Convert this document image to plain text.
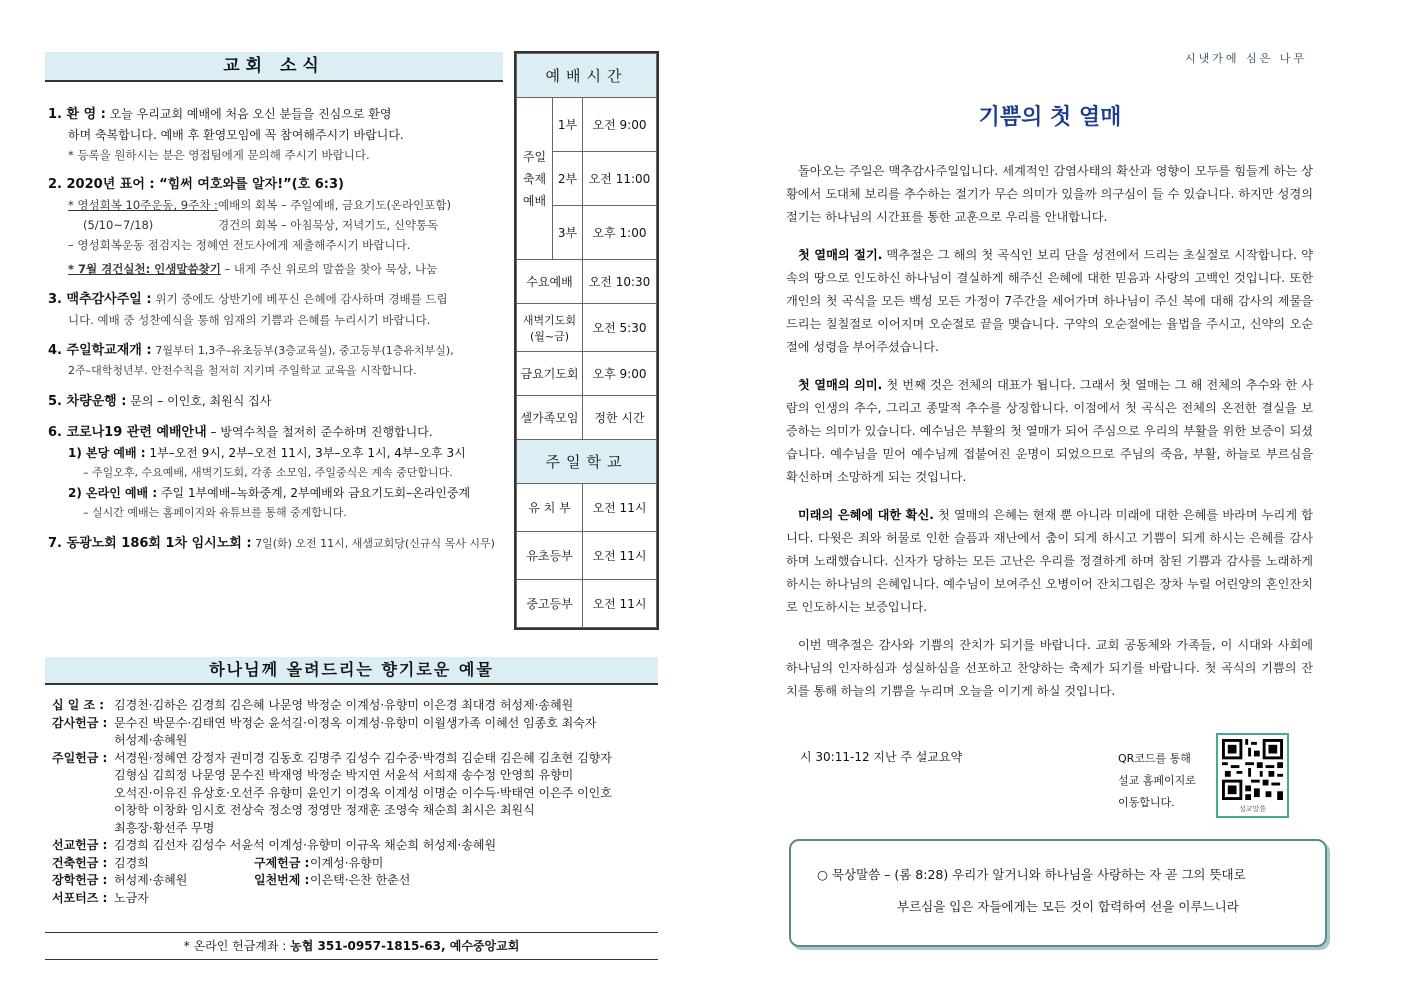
교회 소식
1. 환 영 : 오늘 우리교회 예배에 처음 오신 분들을 진심으로 환영
하며 축복합니다. 예배 후 환영모임에 꼭 참여해주시기 바랍니다.
* 등록을 원하시는 분은 영접팀에게 문의해 주시기 바랍니다.
2. 2020년 표어 : “힘써 여호와를 알자!”(호 6:3)
* 영성회복 10주운동, 9주차 : 예배의 회복 – 주일예배, 금요기도(온라인포함)
(5/10~7/18)	경건의 회복 – 아침묵상, 저녁기도, 신약통독
– 영성회복운동 점검지는 정혜연 전도사에게 제출해주시기 바랍니다.
* 7월 경건실천: 인생말씀찾기 – 내게 주신 위로의 말씀을 찾아 묵상, 나눔
3. 맥추감사주일 : 위기 중에도 상반기에 베푸신 은혜에 감사하며 경배를 드립
니다. 예배 중 성찬예식을 통해 임재의 기쁨과 은혜를 누리시기 바랍니다.
4. 주일학교재개 : 7월부터 1,3주–유초등부(3층교육실), 중고등부(1층유치부실),
2주–대학청년부. 안전수칙을 철저히 지키며 주일학교 교육을 시작합니다.
5. 차량운행 : 문의 – 이인호, 최원식 집사
6. 코로나19 관련 예배안내 – 방역수칙을 철저히 준수하며 진행합니다.
1) 본당 예배 : 1부–오전 9시, 2부–오전 11시, 3부–오후 1시, 4부–오후 3시
– 주일오후, 수요예배, 새벽기도회, 각종 소모임, 주일중식은 계속 중단합니다.
2) 온라인 예배 : 주일 1부예배–녹화중계, 2부예배와 금요기도회–온라인중계
– 실시간 예배는 홈페이지와 유튜브를 통해 중계합니다.
7. 동광노회 186회 1차 임시노회 : 7일(화) 오전 11시, 새샘교회당(신규식 목사 시무)
예배시간		
주일 축제 예배	1부	오전 9:00
	2부	오전 11:00
	3부	오후 1:00
수요예배		오전 10:30
새벽기도회 (월~금)		오전 5:30
금요기도회		오후 9:00
셀가족모임		정한 시간
주일학교		
유 치 부		오전 11시
유초등부		오전 11시
중고등부		오전 11시
하나님께 올려드리는 향기로운 예물
십 일 조 : 김경천·김하은 김경희 김은혜 나문영 박정순 이계성·유향미 이은경 최대경 허성제·송혜원
감사헌금 : 문수진 박문수·김태연 박정순 윤석길·이정옥 이계성·유향미 이월생가족 이혜선 임종호 최숙자
허성제·송혜원
주일헌금 : 서경원·정혜연 강정자 권미경 김동호 김명주 김성수 김수중·박경희 김순태 김은혜 김초현 김향자
김형심 김희정 나문영 문수진 박재영 박정순 박지연 서윤석 서희재 송수정 안영희 유향미
오석진·이유진 유상호·오선주 유향미 윤인기 이경옥 이계성 이명순 이수득·박태연 이은주 이인호
이창학 이창화 임시호 전상숙 정소영 정영만 정재훈 조영숙 채순희 최시은 최원식
최흥장·황선주 무명
선교헌금 : 김경희 김선자 김성수 서윤석 이계성·유향미 이규옥 채순희 허성제·송혜원
건축헌금 : 김경희	구제헌금 : 이계성·유향미
장학헌금 : 허성제·송혜원	일천번제 : 이은택·은찬 한춘선
서포터즈 : 노금자
* 온라인 헌금계좌 : 농협 351-0957-1815-63, 예수중앙교회
시냇가에 심은 나무
기쁨의 첫 열매

돌아오는 주일은 맥추감사주일입니다. 세계적인 감염사태의 확산과 영향이 모두를 힘들게 하는 상황에서 도대체 보리를 추수하는 절기가 무슨 의미가 있을까 의구심이 들 수 있습니다. 하지만 성경의 절기는 하나님의 시간표를 통한 교훈으로 우리를 안내합니다.

첫 열매의 절기. 맥추절은 그 해의 첫 곡식인 보리 단을 성전에서 드리는 초실절로 시작합니다. 약속의 땅으로 인도하신 하나님이 결실하게 해주신 은혜에 대한 믿음과 사랑의 고백인 것입니다. 또한 개인의 첫 곡식을 모든 백성 모든 가정이 7주간을 세어가며 하나님이 주신 복에 대해 감사의 제물을 드리는 칠칠절로 이어지며 오순절로 끝을 맺습니다. 구약의 오순절에는 율법을 주시고, 신약의 오순절에 성령을 부어주셨습니다.

첫 열매의 의미. 첫 번째 것은 전체의 대표가 됩니다. 그래서 첫 열매는 그 해 전체의 추수와 한 사람의 인생의 추수, 그리고 종말적 추수를 상징합니다. 이점에서 첫 곡식은 전체의 온전한 결실을 보증하는 의미가 있습니다. 예수님은 부활의 첫 열매가 되어 주심으로 우리의 부활을 위한 보증이 되셨습니다. 예수님을 믿어 예수님께 접붙여진 운명이 되었으므로 주님의 죽음, 부활, 하늘로 부르심을 확신하며 소망하게 되는 것입니다.

미래의 은혜에 대한 확신. 첫 열매의 은혜는 현재 뿐 아니라 미래에 대한 은혜를 바라며 누리게 합니다. 다윗은 죄와 허물로 인한 슬픔과 재난에서 춤이 되게 하시고 기쁨이 되게 하시는 은혜를 감사하며 노래했습니다. 신자가 당하는 모든 고난은 우리를 정결하게 하며 참된 기쁨과 감사를 노래하게 하시는 하나님의 은혜입니다. 예수님이 보여주신 오병이어 잔치그림은 장차 누릴 어린양의 혼인잔치로 인도하시는 보증입니다.

이번 맥추절은 감사와 기쁨의 잔치가 되기를 바랍니다. 교회 공동체와 가족들, 이 시대와 사회에 하나님의 인자하심과 성실하심을 선포하고 찬양하는 축제가 되기를 바랍니다. 첫 곡식의 기쁨의 잔치를 통해 하늘의 기쁨을 누리며 오늘을 이기게 하실 것입니다.

시 30:11-12 지난 주 설교요약	QR코드를 통해
설교 홈페이지로
이동합니다.	설교말씀
○ 묵상말씀 – (롬 8:28) 우리가 알거니와 하나님을 사랑하는 자 곧 그의 뜻대로
부르심을 입은 자들에게는 모든 것이 합력하여 선을 이루느니라
